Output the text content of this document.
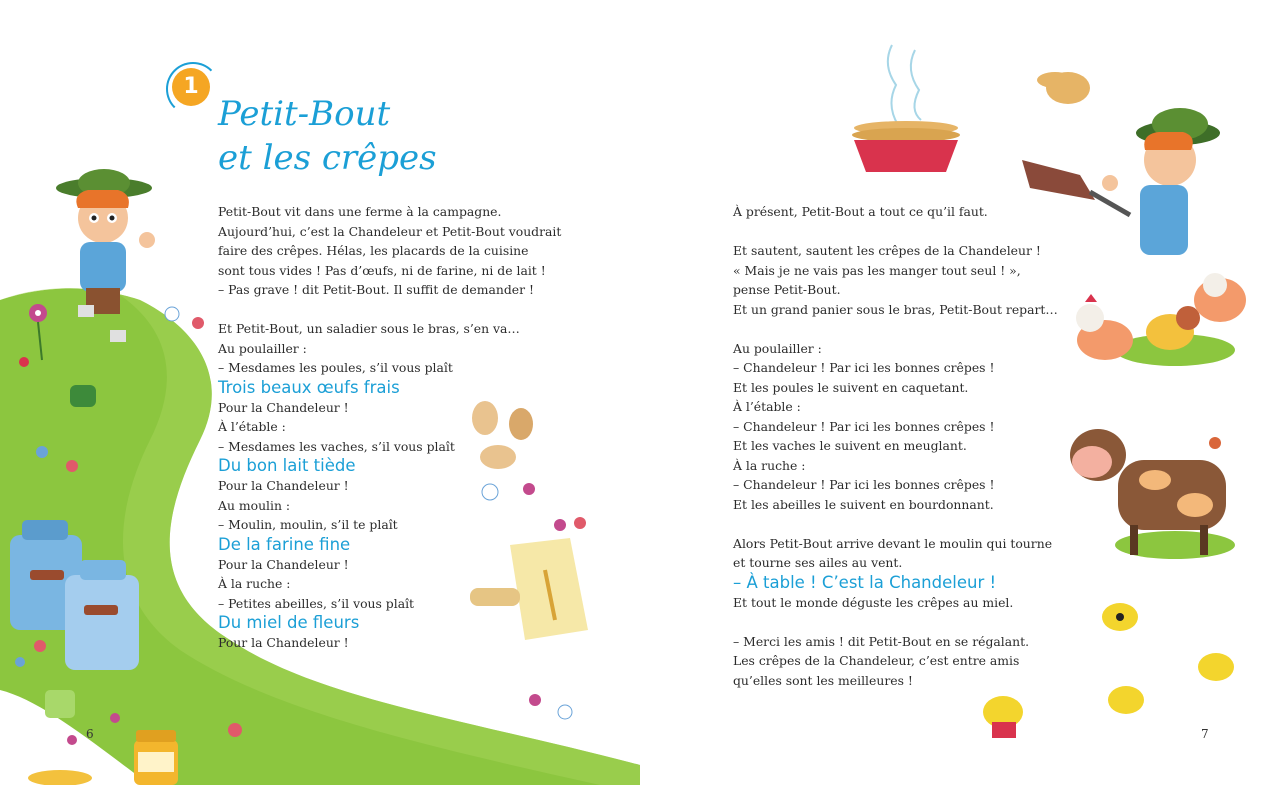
1
Petit-Bout
et les crêpes
Petit-Bout vit dans une ferme à la campagne.
Aujourd’hui, c’est la Chandeleur et Petit-Bout voudrait
faire des crêpes. Hélas, les placards de la cuisine
sont tous vides ! Pas d’œufs, ni de farine, ni de lait !
– Pas grave ! dit Petit-Bout. Il suffit de demander !
Et Petit-Bout, un saladier sous le bras, s’en va…
Au poulailler :
– Mesdames les poules, s’il vous plaît
Trois beaux œufs frais
Pour la Chandeleur !
À l’étable :
– Mesdames les vaches, s’il vous plaît
Du bon lait tiède
Pour la Chandeleur !
Au moulin :
– Moulin, moulin, s’il te plaît
De la farine fine
Pour la Chandeleur !
À la ruche :
– Petites abeilles, s’il vous plaît
Du miel de fleurs
Pour la Chandeleur !
6
À présent, Petit-Bout a tout ce qu’il faut.
Et sautent, sautent les crêpes de la Chandeleur !
« Mais je ne vais pas les manger tout seul ! »,
pense Petit-Bout.
Et un grand panier sous le bras, Petit-Bout repart…
Au poulailler :
– Chandeleur ! Par ici les bonnes crêpes !
Et les poules le suivent en caquetant.
À l’étable :
– Chandeleur ! Par ici les bonnes crêpes !
Et les vaches le suivent en meuglant.
À la ruche :
– Chandeleur ! Par ici les bonnes crêpes !
Et les abeilles le suivent en bourdonnant.
Alors Petit-Bout arrive devant le moulin qui tourne
et tourne ses ailes au vent.
– À table ! C’est la Chandeleur !
Et tout le monde déguste les crêpes au miel.
– Merci les amis ! dit Petit-Bout en se régalant.
Les crêpes de la Chandeleur, c’est entre amis
qu’elles sont les meilleures !
7
